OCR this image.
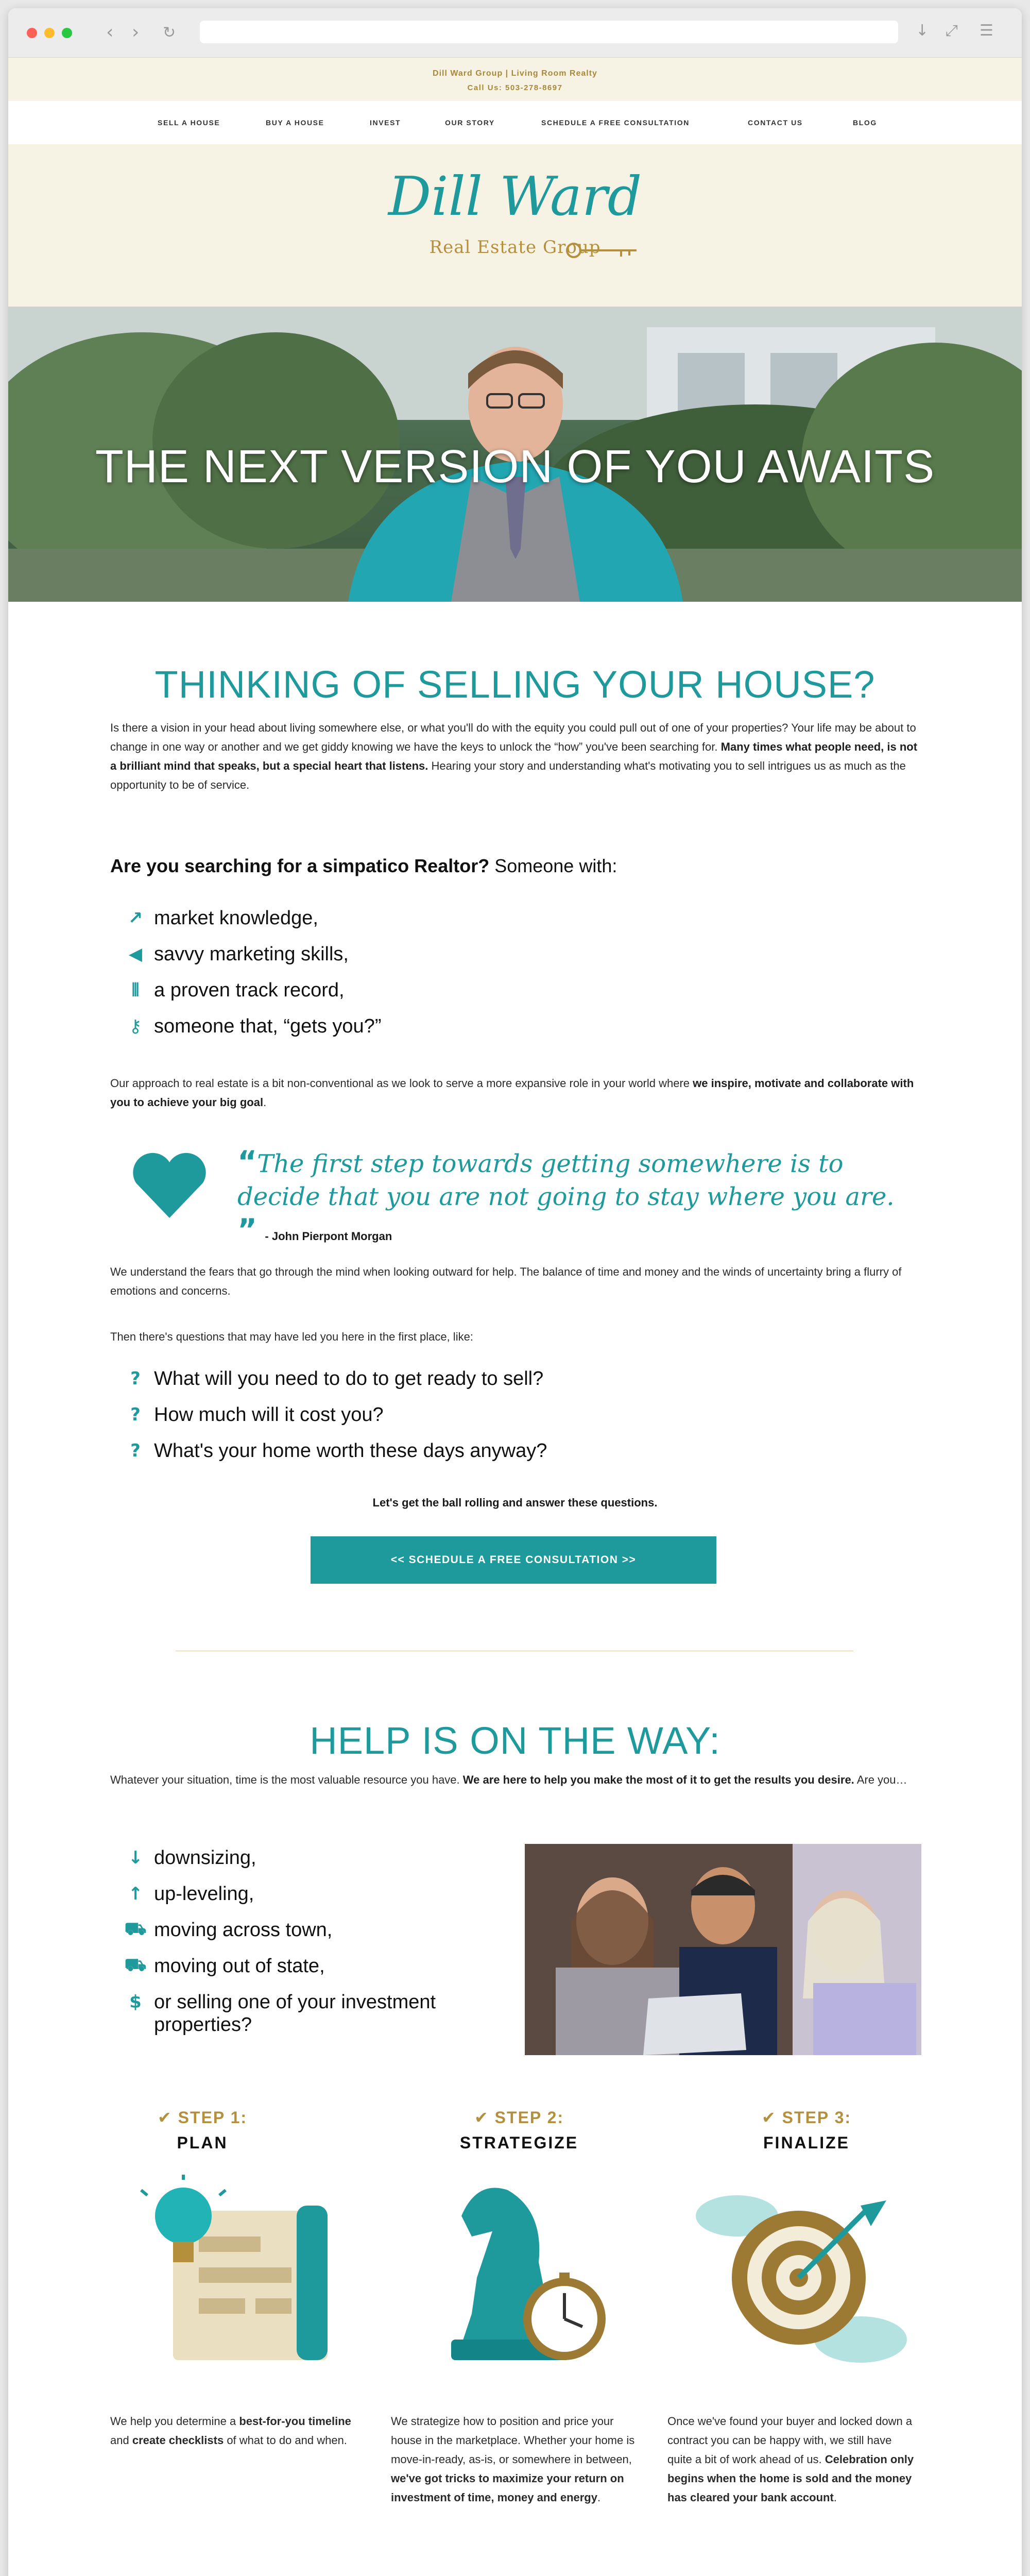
‹ › ↻	↓ ⤢ ☰
Dill Ward Group | Living Room Realty
Call Us: 503-278-8697
SELL A HOUSE	BUY A HOUSE	INVEST	OUR STORY	SCHEDULE A FREE CONSULTATION	CONTACT US	BLOG
Dill Ward
Real Estate Group
THE NEXT VERSION OF YOU AWAITS
THINKING OF SELLING YOUR HOUSE?
Is there a vision in your head about living somewhere else, or what you'll do with the equity you could pull out of one of your properties? Your life may be about to change in one way or another and we get giddy knowing we have the keys to unlock the “how” you've been searching for. Many times what people need, is not a brilliant mind that speaks, but a special heart that listens. Hearing your story and understanding what's motivating you to sell intrigues us as much as the opportunity to be of service.
Are you searching for a simpatico Realtor? Someone with:
↗ market knowledge,
◀ savvy marketing skills,
⫴ a proven track record,
⚷ someone that, “gets you?”
Our approach to real estate is a bit non-conventional as we look to serve a more expansive role in your world where we inspire, motivate and collaborate with you to achieve your big goal.
“The first step towards getting somewhere is to decide that you are not going to stay where you are. ” - John Pierpont Morgan
We understand the fears that go through the mind when looking outward for help. The balance of time and money and the winds of uncertainty bring a flurry of emotions and concerns.
Then there's questions that may have led you here in the first place, like:
? What will you need to do to get ready to sell?
? How much will it cost you?
? What's your home worth these days anyway?
Let's get the ball rolling and answer these questions.
<< SCHEDULE A FREE CONSULTATION >>
HELP IS ON THE WAY:
Whatever your situation, time is the most valuable resource you have. We are here to help you make the most of it to get the results you desire. Are you…
↓ downsizing,
↑ up-leveling,
⛟ moving across town,
⛟ moving out of state,
$ or selling one of your investment properties?
✔ STEP 1:
PLAN
✔ STEP 2:
STRATEGIZE
✔ STEP 3:
FINALIZE
We help you determine a best-for-you timeline and create checklists of what to do and when.
We strategize how to position and price your house in the marketplace. Whether your home is move-in-ready, as-is, or somewhere in between, we've got tricks to maximize your return on investment of time, money and energy.
Once we've found your buyer and locked down a contract you can be happy with, we still have quite a bit of work ahead of us. Celebration only begins when the home is sold and the money has cleared your bank account.
